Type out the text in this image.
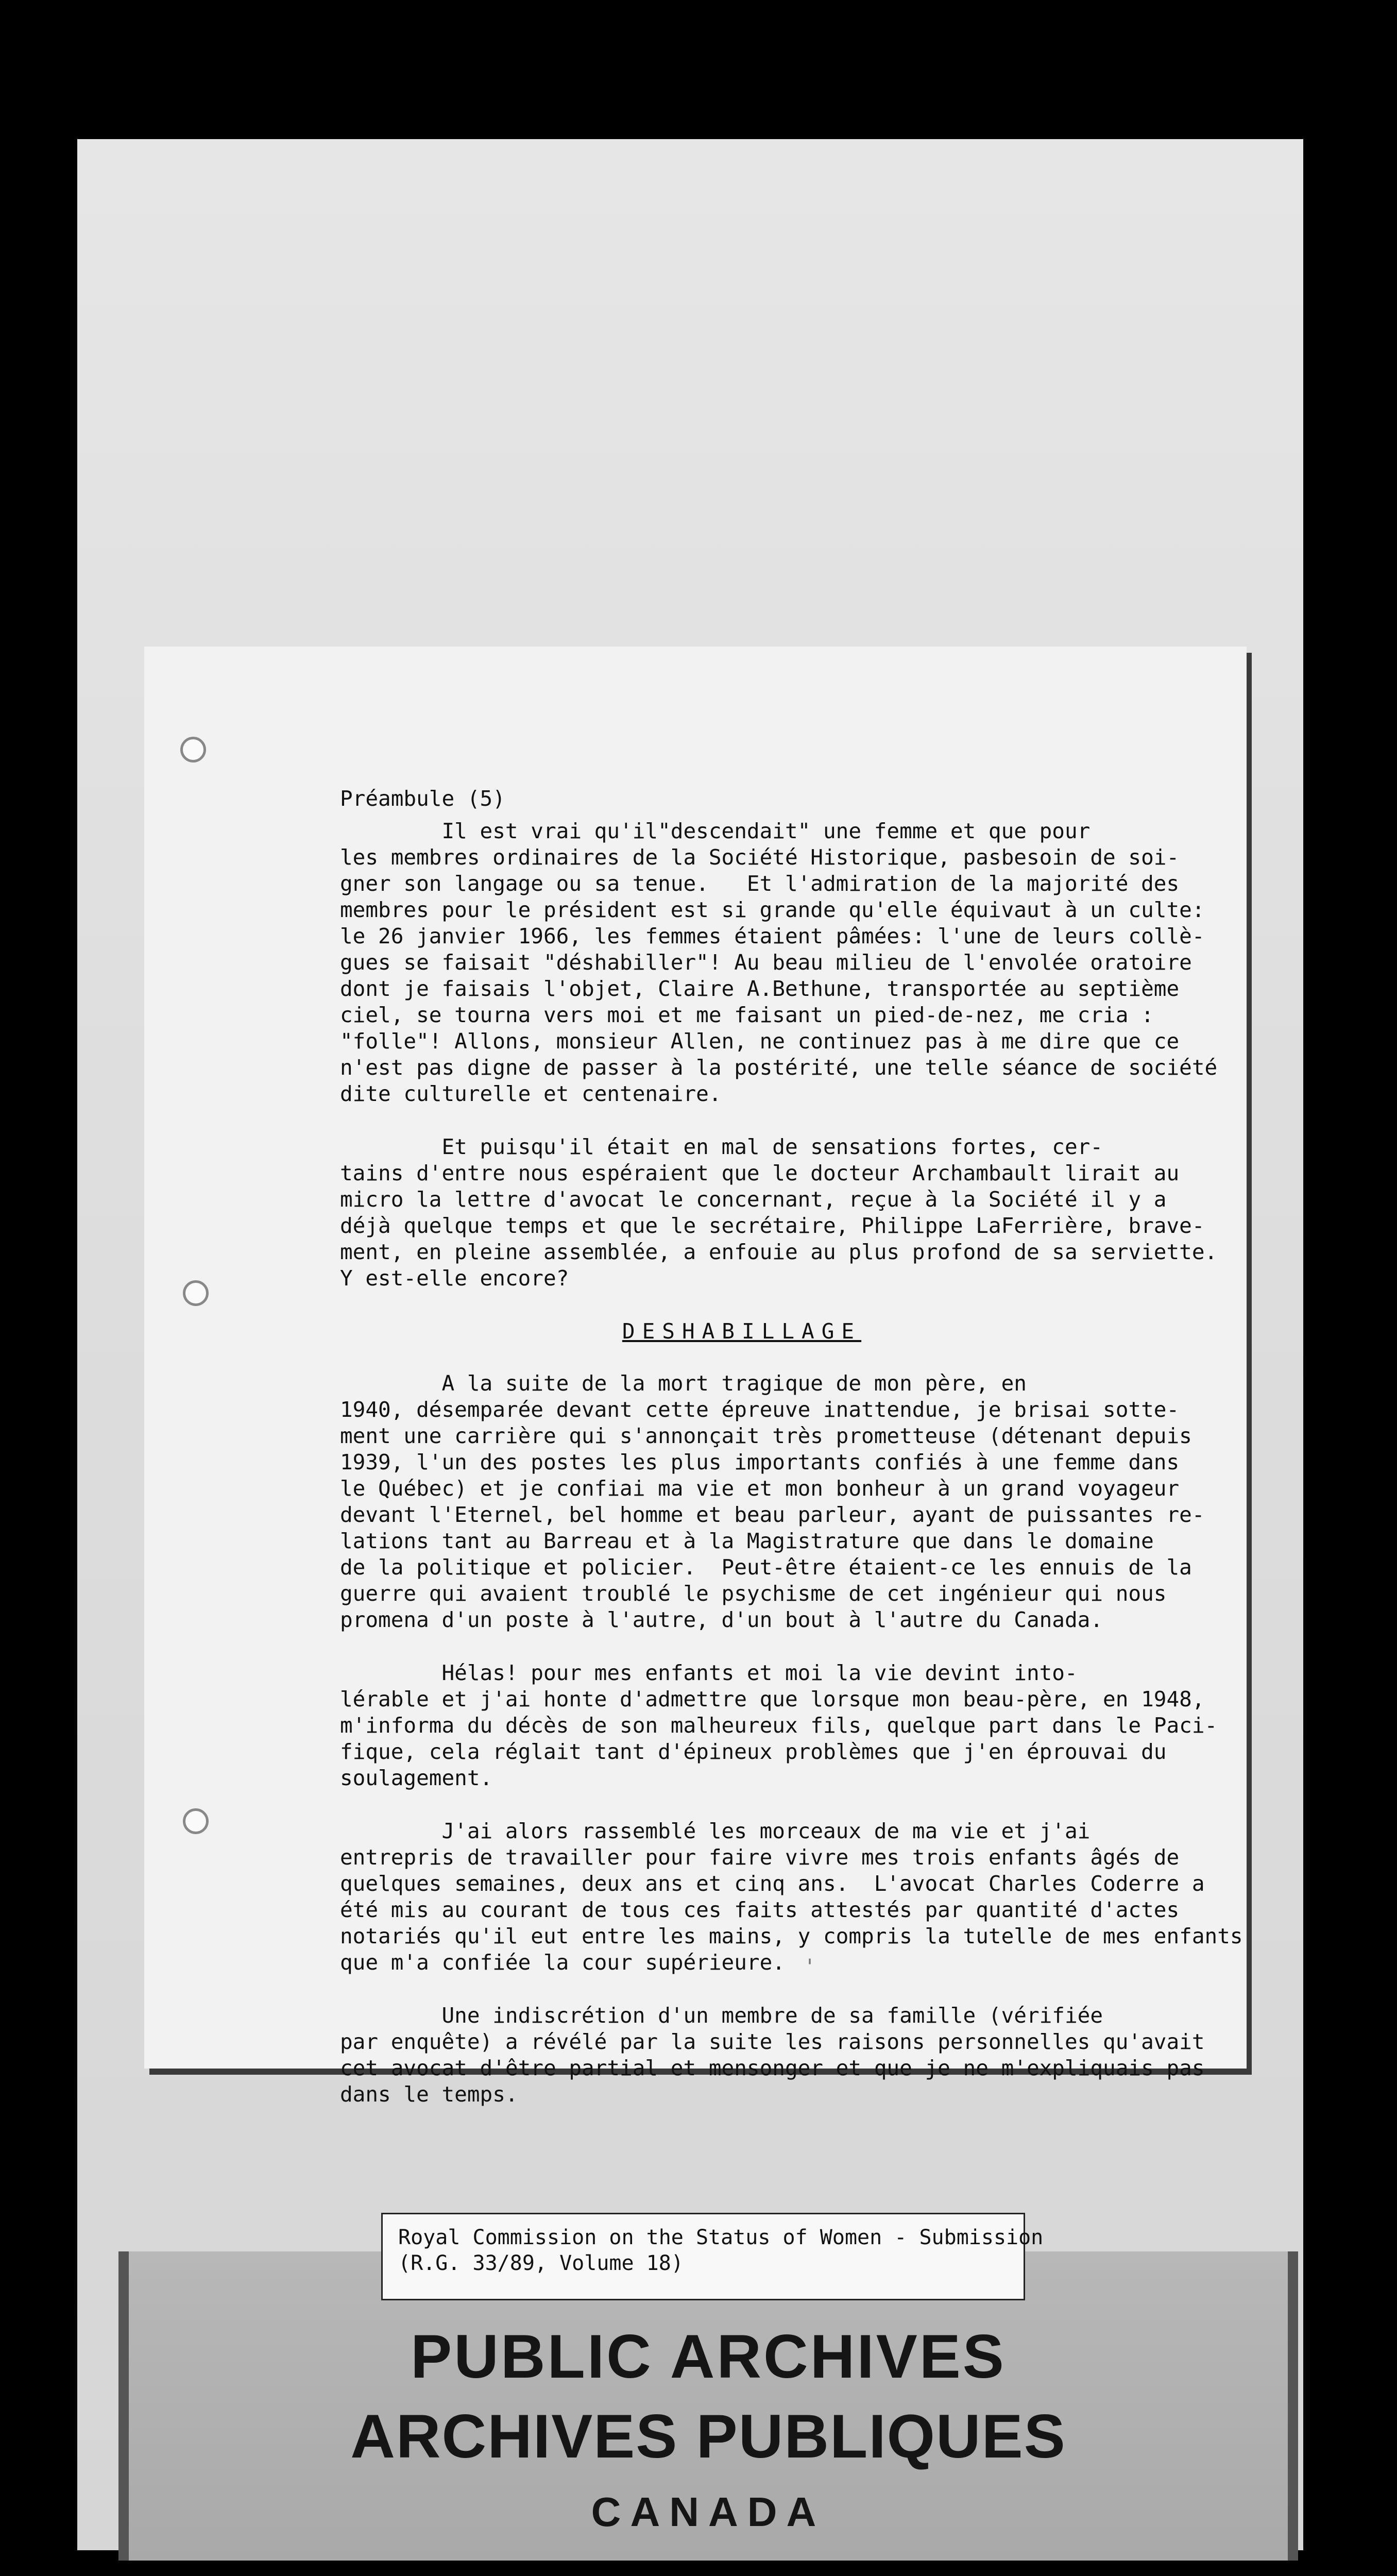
'

Préambule (5)

Il est vrai qu'il"descendait" une femme et que pour
les membres ordinaires de la Société Historique, pasbesoin de soi-
gner son langage ou sa tenue.   Et l'admiration de la majorité des
membres pour le président est si grande qu'elle équivaut à un culte:
le 26 janvier 1966, les femmes étaient pâmées: l'une de leurs collè-
gues se faisait "déshabiller"! Au beau milieu de l'envolée oratoire
dont je faisais l'objet, Claire A.Bethune, transportée au septième
ciel, se tourna vers moi et me faisant un pied-de-nez, me cria :
"folle"! Allons, monsieur Allen, ne continuez pas à me dire que ce
n'est pas digne de passer à la postérité, une telle séance de société
dite culturelle et centenaire.

Et puisqu'il était en mal de sensations fortes, cer-
tains d'entre nous espéraient que le docteur Archambault lirait au
micro la lettre d'avocat le concernant, reçue à la Société il y a
déjà quelque temps et que le secrétaire, Philippe LaFerrière, brave-
ment, en pleine assemblée, a enfouie au plus profond de sa serviette.
Y est-elle encore?

DESHABILLAGE

A la suite de la mort tragique de mon père, en
1940, désemparée devant cette épreuve inattendue, je brisai sotte-
ment une carrière qui s'annonçait très prometteuse (détenant depuis
1939, l'un des postes les plus importants confiés à une femme dans
le Québec) et je confiai ma vie et mon bonheur à un grand voyageur
devant l'Eternel, bel homme et beau parleur, ayant de puissantes re-
lations tant au Barreau et à la Magistrature que dans le domaine
de la politique et policier.  Peut-être étaient-ce les ennuis de la
guerre qui avaient troublé le psychisme de cet ingénieur qui nous
promena d'un poste à l'autre, d'un bout à l'autre du Canada.

Hélas! pour mes enfants et moi la vie devint into-
lérable et j'ai honte d'admettre que lorsque mon beau-père, en 1948,
m'informa du décès de son malheureux fils, quelque part dans le Paci-
fique, cela réglait tant d'épineux problèmes que j'en éprouvai du
soulagement.

J'ai alors rassemblé les morceaux de ma vie et j'ai
entrepris de travailler pour faire vivre mes trois enfants âgés de
quelques semaines, deux ans et cinq ans.  L'avocat Charles Coderre a
été mis au courant de tous ces faits attestés par quantité d'actes
notariés qu'il eut entre les mains, y compris la tutelle de mes enfants
que m'a confiée la cour supérieure.

Une indiscrétion d'un membre de sa famille (vérifiée
par enquête) a révélé par la suite les raisons personnelles qu'avait
cet avocat d'être partial et mensonger et que je ne m'expliquais pas
dans le temps.

PUBLIC ARCHIVES
ARCHIVES PUBLIQUES
CANADA
Royal Commission on the Status of Women - Submission
(R.G. 33/89, Volume 18)
